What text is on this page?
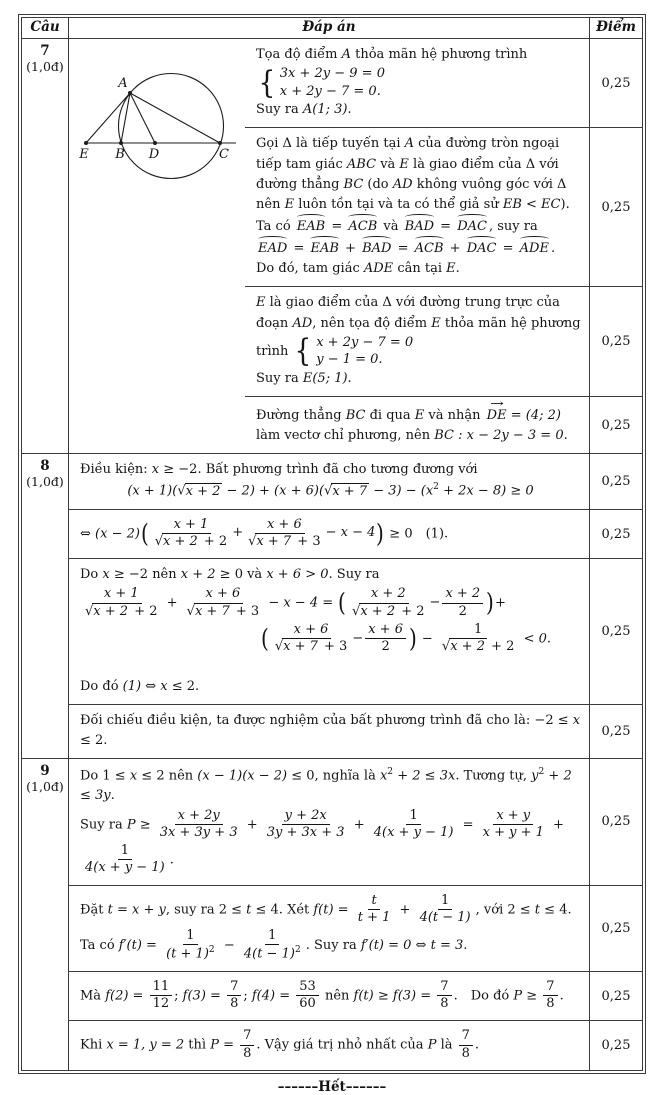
Câu	Đáp án	Điểm
7
(1,0đ)
A
E B D	C
Tọa độ điểm A thỏa mãn hệ phương trình
{ 3x + 2y − 9 = 0
x + 2y − 7 = 0.

Suy ra A(1; 3).
0,25
Gọi Δ là tiếp tuyến tại A của đường tròn ngoại tiếp tam giác ABC và E là giao điểm của Δ với đường thẳng BC (do AD không vuông góc với Δ nên E luôn tồn tại và ta có thể giả sử EB < EC). Ta có EAB = ACB và BAD = DAC , suy ra
EAD = EAB + BAD = ACB + DAC = ADE .
Do đó, tam giác ADE cân tại E.
0,25
E là giao điểm của Δ với đường trung trực của đoạn AD, nên tọa độ điểm E thỏa mãn hệ phương trình { x + 2y − 7 = 0
y − 1 = 0.

Suy ra E(5; 1).
0,25
Đường thẳng BC đi qua E và nhận → DE = (4; 2) làm vectơ chỉ phương, nên BC : x − 2y − 3 = 0.
0,25
8
(1,0đ)
Điều kiện: x ≥ −2. Bất phương trình đã cho tương đương với

$(x + 1)(√x + 2 - 2) + (x + 6)(√x + 7 - 3) - (x^2 + 2x - 8) \ge 0$
0,25
⇔ (x − 2) ( $\frac{x + 1}{√x + 2 + 2} + \frac{x + 6}{√x + 7 + 3} - x - 4$ ) ≥ 0  (1).	0,25
Do x ≥ −2 nên x + 2 ≥ 0 và x + 6 > 0. Suy ra

$\frac{x + 1}{√x + 2 + 2} + \frac{x + 6}{√x + 7 + 3} - x - 4$ = ( $\frac{x + 2}{√x + 2 + 2} - \frac{x + 2}{2}$ ) +

( $\frac{x + 6}{√x + 7 + 3} - \frac{x + 6}{2}$ ) − $\frac{1}{√x + 2 + 2} < 0$.

Do đó (1) ⇔ x ≤ 2.
0,25
Đối chiếu điều kiện, ta được nghiệm của bất phương trình đã cho là: −2 ≤ x ≤ 2.
0,25
9
(1,0đ)
Do 1 ≤ x ≤ 2 nên (x − 1)(x − 2) ≤ 0, nghĩa là $x^2 + 2 \le 3x$. Tương tự, $y^2 + 2 \le 3y$.
Suy ra $P \ge \frac{x + 2y}{3x + 3y + 3} + \frac{y + 2x}{3y + 3x + 3} + \frac{1}{4(x + y - 1)} = \frac{x + y}{x + y + 1}$ +
$\frac{1}{4(x + y - 1)}$ .
0,25
Đặt t = x + y, suy ra 2 ≤ t ≤ 4. Xét $f(t) = \frac{t}{t + 1} + \frac{1}{4(t - 1)}$ , với 2 ≤ t ≤ 4.
Ta có $f'(t) = \frac{1}{(t + 1)^2} - \frac{1}{4(t - 1)^2}$ . Suy ra f′(t) = 0 ⇔ t = 3.
0,25
Mà $f(2) = \frac{11}{12}$ ; $f(3) = \frac{7}{8}$ ; $f(4) = \frac{53}{60}$ nên $f(t) \ge f(3) = \frac{7}{8}$ . Do đó $P \ge \frac{7}{8}$ .	0,25
Khi x = 1, y = 2 thì $P = \frac{7}{8}$ . Vậy giá trị nhỏ nhất của P là $\frac{7}{8}$ .	0,25
––––––Hết––––––
